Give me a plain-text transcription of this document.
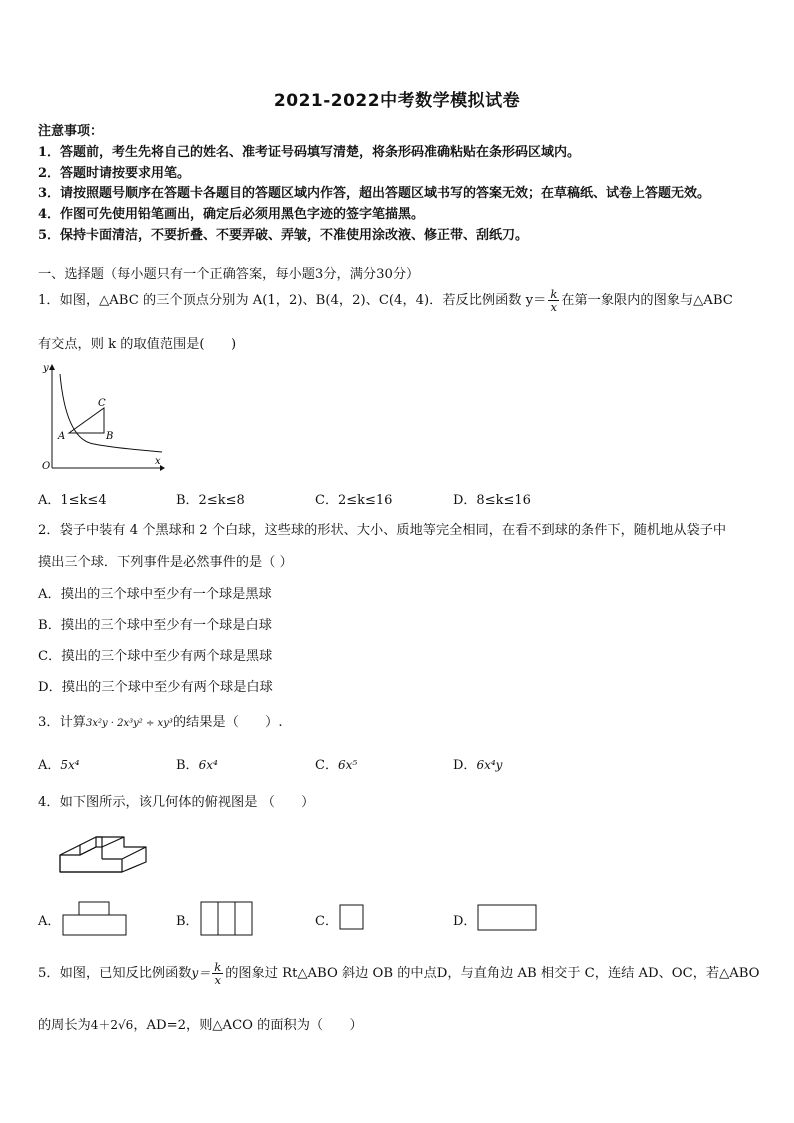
2021-2022中考数学模拟试卷
注意事项：
1．答题前，考生先将自己的姓名、准考证号码填写清楚，将条形码准确粘贴在条形码区域内。
2．答题时请按要求用笔。
3．请按照题号顺序在答题卡各题目的答题区域内作答，超出答题区域书写的答案无效；在草稿纸、试卷上答题无效。
4．作图可先使用铅笔画出，确定后必须用黑色字迹的签字笔描黑。
5．保持卡面清洁，不要折叠、不要弄破、弄皱，不准使用涂改液、修正带、刮纸刀。
一、选择题（每小题只有一个正确答案，每小题3分，满分30分）
1．如图，△ABC 的三个顶点分别为 A(1，2)、B(4，2)、C(4，4)．若反比例函数 $y= \frac{k}{x}$ 在第一象限内的图象与△ABC
有交点，则 k 的取值范围是(　　)
y
x
O
A	B
C
A．1≤k≤4	B．2≤k≤8	C．2≤k≤16	D．8≤k≤16
2．袋子中装有 4 个黑球和 2 个白球，这些球的形状、大小、质地等完全相同，在看不到球的条件下，随机地从袋子中
摸出三个球．下列事件是必然事件的是（ ）
A．摸出的三个球中至少有一个球是黑球
B．摸出的三个球中至少有一个球是白球
C．摸出的三个球中至少有两个球是黑球
D．摸出的三个球中至少有两个球是白球
3．计算3x²y · 2x³y² ÷ xy³的结果是（　　）.
A．5x⁴	B．6x⁴	C．6x⁵	D．6x⁴y
4．如下图所示，该几何体的俯视图是 （　　）
A．	B．	C．	D．
5．如图，已知反比例函数$y= \frac{k}{x}$ 的图象过 Rt△ABO 斜边 OB 的中点D，与直角边 AB 相交于 C，连结 AD、OC，若△ABO
的周长为4＋2√6，AD=2，则△ACO 的面积为（　　）
